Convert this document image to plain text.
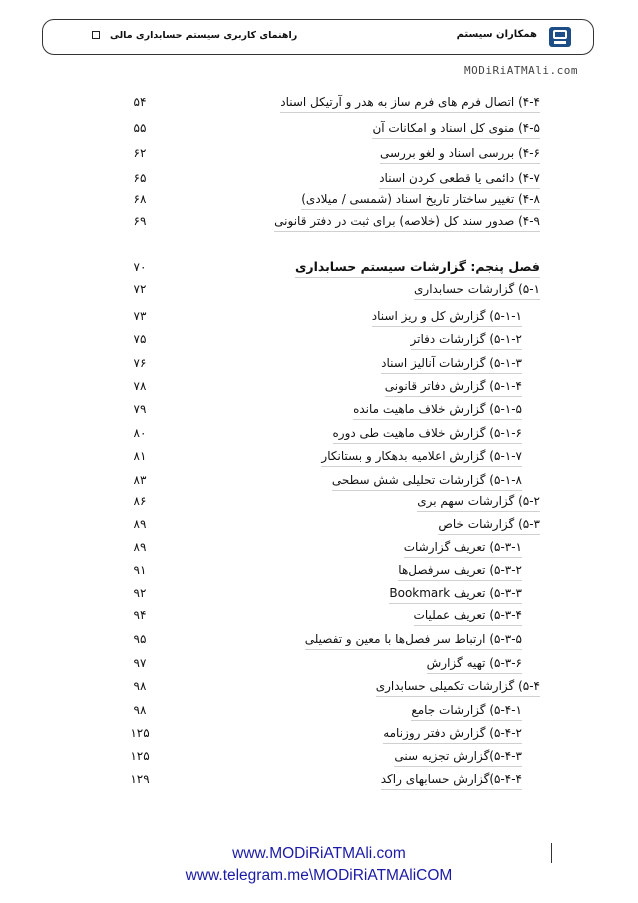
همکاران سیستم
راهنمای کاربری سیستم حسابداری مالی
MODiRiATMAli.com
۴-۴) اتصال فرم های فرم ساز به هدر و آرتیکل اسناد
۵۴
۴-۵) منوی کل اسناد و امکانات آن
۵۵
۴-۶) بررسی اسناد و لغو بررسی
۶۲
۴-۷) دائمی یا قطعی کردن اسناد
۶۵
۴-۸) تغییر ساختار تاریخ اسناد (شمسی / میلادی)
۶۸
۴-۹) صدور سند کل (خلاصه) برای ثبت در دفتر قانونی
۶۹
فصل پنجم: گزارشات سیستم حسابداری
۷۰
۵-۱) گزارشات حسابداری
۷۲
۵-۱-۱) گزارش کل و ریز اسناد
۷۳
۵-۱-۲) گزارشات دفاتر
۷۵
۵-۱-۳) گزارشات آنالیز اسناد
۷۶
۵-۱-۴) گزارش دفاتر قانونی
۷۸
۵-۱-۵) گزارش خلاف ماهیت مانده
۷۹
۵-۱-۶) گزارش خلاف ماهیت طی دوره
۸۰
۵-۱-۷) گزارش اعلامیه بدهکار و بستانکار
۸۱
۵-۱-۸) گزارشات تحلیلی شش سطحی
۸۳
۵-۲) گزارشات سهم بری
۸۶
۵-۳) گزارشات خاص
۸۹
۵-۳-۱) تعریف گزارشات
۸۹
۵-۳-۲) تعریف سرفصل‌ها
۹۱
۵-۳-۳) تعریف Bookmark
۹۲
۵-۳-۴) تعریف عملیات
۹۴
۵-۳-۵) ارتباط سر فصل‌ها با معین و تفصیلی
۹۵
۵-۳-۶) تهیه گزارش
۹۷
۵-۴) گزارشات تکمیلی حسابداری
۹۸
۵-۴-۱) گزارشات جامع
۹۸
۵-۴-۲) گزارش دفتر روزنامه
۱۲۵
۵-۴-۳)گزارش تجزیه سنی
۱۲۵
۵-۴-۴)گزارش حسابهای راکد
۱۲۹
www.MODiRiATMAli.com
www.telegram.me\MODiRiATMAliCOM
